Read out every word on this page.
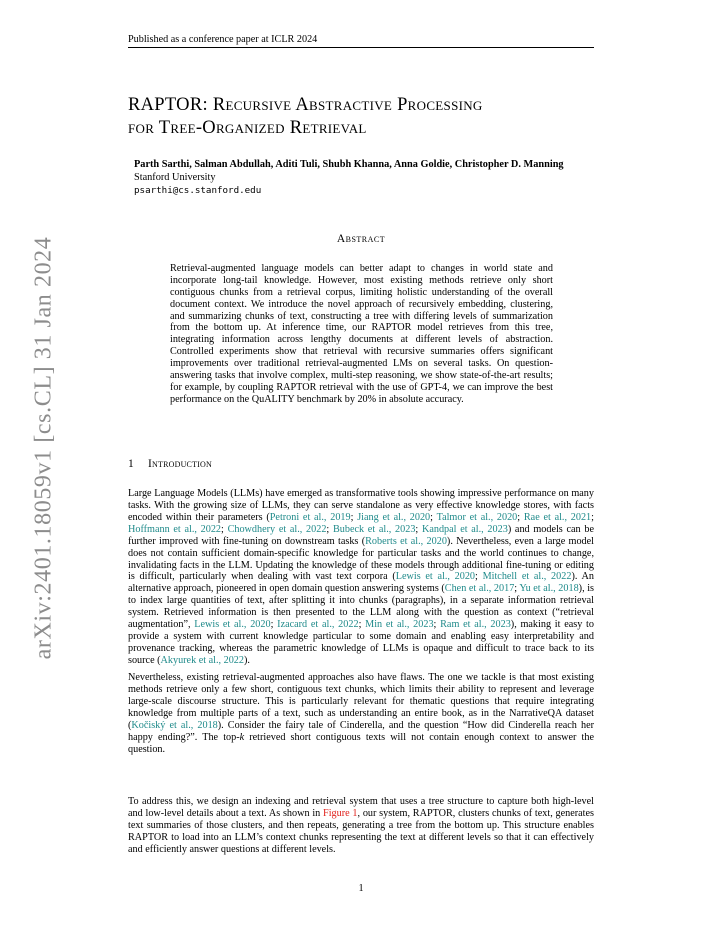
arXiv:2401.18059v1 [cs.CL] 31 Jan 2024
Published as a conference paper at ICLR 2024
RAPTOR: Recursive Abstractive Processing
for Tree-Organized Retrieval
Parth Sarthi, Salman Abdullah, Aditi Tuli, Shubh Khanna, Anna Goldie, Christopher D. Manning
Stanford University
psarthi@cs.stanford.edu
Abstract
Retrieval-augmented language models can better adapt to changes in world state and incorporate long-tail knowledge. However, most existing methods retrieve only short contiguous chunks from a retrieval corpus, limiting holistic understanding of the overall document context. We introduce the novel approach of recursively embedding, clustering, and summarizing chunks of text, constructing a tree with differing levels of summarization from the bottom up. At inference time, our RAPTOR model retrieves from this tree, integrating information across lengthy documents at different levels of abstraction. Controlled experiments show that retrieval with recursive summaries offers significant improvements over traditional retrieval-augmented LMs on several tasks. On question-answering tasks that involve complex, multi-step reasoning, we show state-of-the-art results; for example, by coupling RAPTOR retrieval with the use of GPT-4, we can improve the best performance on the QuALITY benchmark by 20% in absolute accuracy.
1 Introduction
Large Language Models (LLMs) have emerged as transformative tools showing impressive performance on many tasks. With the growing size of LLMs, they can serve standalone as very effective knowledge stores, with facts encoded within their parameters (Petroni et al., 2019; Jiang et al., 2020; Talmor et al., 2020; Rae et al., 2021; Hoffmann et al., 2022; Chowdhery et al., 2022; Bubeck et al., 2023; Kandpal et al., 2023) and models can be further improved with fine-tuning on downstream tasks (Roberts et al., 2020). Nevertheless, even a large model does not contain sufficient domain-specific knowledge for particular tasks and the world continues to change, invalidating facts in the LLM. Updating the knowledge of these models through additional fine-tuning or editing is difficult, particularly when dealing with vast text corpora (Lewis et al., 2020; Mitchell et al., 2022). An alternative approach, pioneered in open domain question answering systems (Chen et al., 2017; Yu et al., 2018), is to index large quantities of text, after splitting it into chunks (paragraphs), in a separate information retrieval system. Retrieved information is then presented to the LLM along with the question as context (“retrieval augmentation”, Lewis et al., 2020; Izacard et al., 2022; Min et al., 2023; Ram et al., 2023), making it easy to provide a system with current knowledge particular to some domain and enabling easy interpretability and provenance tracking, whereas the parametric knowledge of LLMs is opaque and difficult to trace back to its source (Akyurek et al., 2022).
Nevertheless, existing retrieval-augmented approaches also have flaws. The one we tackle is that most existing methods retrieve only a few short, contiguous text chunks, which limits their ability to represent and leverage large-scale discourse structure. This is particularly relevant for thematic questions that require integrating knowledge from multiple parts of a text, such as understanding an entire book, as in the NarrativeQA dataset (Kočiský et al., 2018). Consider the fairy tale of Cinderella, and the question “How did Cinderella reach her happy ending?”. The top-k retrieved short contiguous texts will not contain enough context to answer the question.
To address this, we design an indexing and retrieval system that uses a tree structure to capture both high-level and low-level details about a text. As shown in Figure 1, our system, RAPTOR, clusters chunks of text, generates text summaries of those clusters, and then repeats, generating a tree from the bottom up. This structure enables RAPTOR to load into an LLM’s context chunks representing the text at different levels so that it can effectively and efficiently answer questions at different levels.
1
